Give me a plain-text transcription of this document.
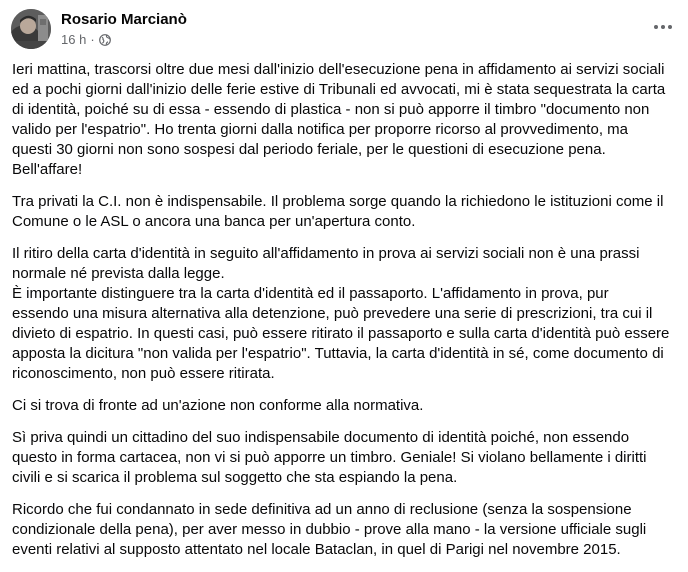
Rosario Marcianò
16 h ·

Ieri mattina, trascorsi oltre due mesi dall'inizio dell'esecuzione pena in affidamento ai servizi sociali
ed a pochi giorni dall'inizio delle ferie estive di Tribunali ed avvocati, mi è stata sequestrata la carta
di identità, poiché su di essa - essendo di plastica - non si può apporre il timbro "documento non
valido per l'espatrio". Ho trenta giorni dalla notifica per proporre ricorso al provvedimento, ma
questi 30 giorni non sono sospesi dal periodo feriale, per le questioni di esecuzione pena.
Bell'affare!

Tra privati la C.I. non è indispensabile. Il problema sorge quando la richiedono le istituzioni come il
Comune o le ASL o ancora una banca per un'apertura conto.

Il ritiro della carta d'identità in seguito all'affidamento in prova ai servizi sociali non è una prassi
normale né prevista dalla legge.
È importante distinguere tra la carta d'identità ed il passaporto. L'affidamento in prova, pur
essendo una misura alternativa alla detenzione, può prevedere una serie di prescrizioni, tra cui il
divieto di espatrio. In questi casi, può essere ritirato il passaporto e sulla carta d'identità può essere
apposta la dicitura "non valida per l'espatrio". Tuttavia, la carta d'identità in sé, come documento di
riconoscimento, non può essere ritirata.

Ci si trova di fronte ad un'azione non conforme alla normativa.

Sì priva quindi un cittadino del suo indispensabile documento di identità poiché, non essendo
questo in forma cartacea, non vi si può apporre un timbro. Geniale! Si violano bellamente i diritti
civili e si scarica il problema sul soggetto che sta espiando la pena.

Ricordo che fui condannato in sede definitiva ad un anno di reclusione (senza la sospensione
condizionale della pena), per aver messo in dubbio - prove alla mano - la versione ufficiale sugli
eventi relativi al supposto attentato nel locale Bataclan, in quel di Parigi nel novembre 2015.
